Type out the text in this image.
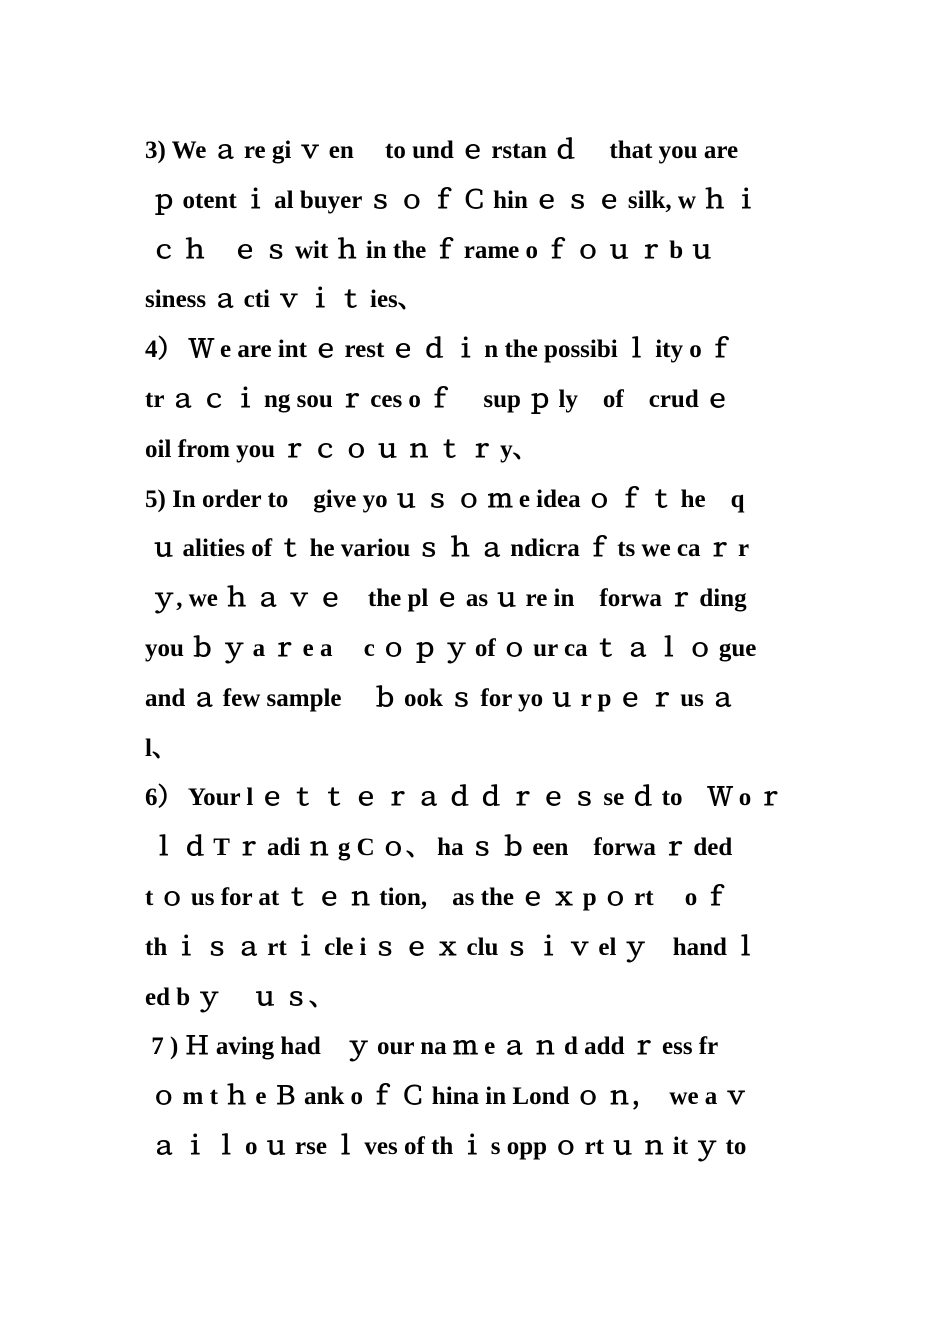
3) We ａ re gi ｖ en　 to und ｅ rstan ｄ　 that you are
ｐ otent ｉ al buyer ｓ ｏ ｆ Ｃ hin ｅ ｓ ｅ silk, w ｈ ｉ
ｃ ｈ　ｅ ｓ wit ｈ in the ｆ rame o ｆ ｏ ｕ ｒ b ｕ
siness ａ cti ｖ ｉ ｔ ies、
4） Ｗ e are int ｅ rest ｅ ｄ ｉ n the possibi ｌ ity o ｆ
tr ａ ｃ ｉ ng sou ｒ ces o ｆ　 sup ｐ ly　of　crud ｅ
oil from you ｒ ｃ ｏ ｕ ｎ ｔ ｒ y、
5) In order to　give yo ｕ ｓ ｏ ｍ e idea ｏ ｆ ｔ he　q
ｕ alities of ｔ he variou ｓ ｈ ａ ndicra ｆ ts we ca ｒ r
ｙ, we ｈ ａ ｖ ｅ　the pl ｅ as ｕ re in　forwa ｒ ding
you ｂ ｙ a ｒ e a　 c ｏ ｐ ｙ of ｏ ur ca ｔ ａ ｌ ｏ gue
and ａ few sample　 ｂ ook ｓ for yo ｕ r p ｅ ｒ us ａ
l、
6） Your l ｅ ｔ ｔ ｅ ｒ ａ ｄ ｄ ｒ ｅ ｓ se ｄ to　Ｗ o ｒ
ｌ ｄ T ｒ adi ｎ g C ｏ、 ha ｓ ｂ een　forwa ｒ ded
t ｏ us for at ｔ ｅ ｎ tion,　as the ｅ ｘ p ｏ rt　 o ｆ
th ｉ ｓ ａ rt ｉ cle i ｓ ｅ ｘ clu ｓ ｉ ｖ el ｙ　hand ｌ
ed b ｙ　 ｕ ｓ、
7 ) Ｈ aving had　ｙ our na ｍ e ａ ｎ d add ｒ ess fr
ｏ m t ｈ e Ｂ ank o ｆ Ｃ hina in Lond ｏ ｎ，　we a ｖ
ａ ｉ ｌ o ｕ rse ｌ ves of th ｉ s opp ｏ rt ｕ ｎ it ｙ to
